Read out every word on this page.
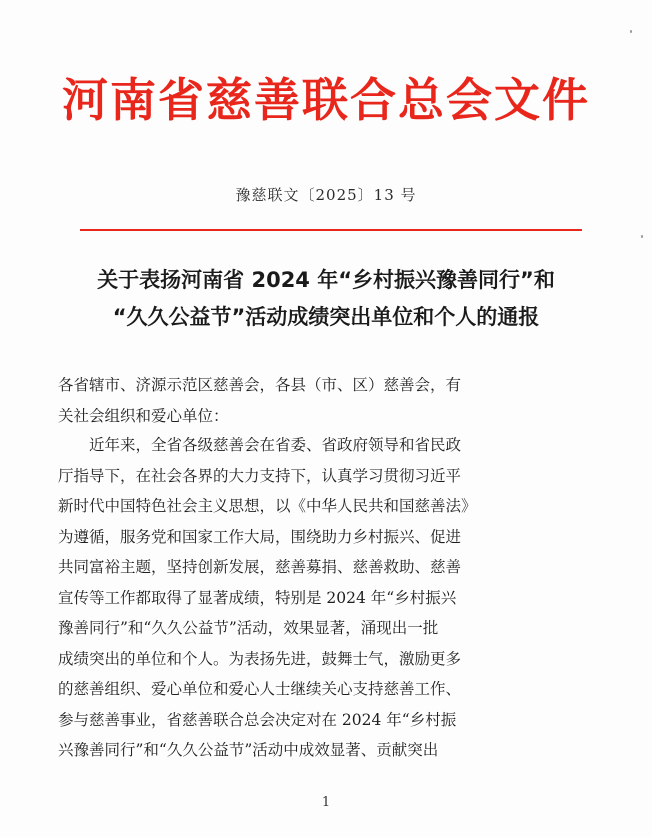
河南省慈善联合总会文件
豫慈联文〔2025〕13 号
关于表扬河南省 2024 年“乡村振兴豫善同行”和
“久久公益节”活动成绩突出单位和个人的通报
各省辖市、济源示范区慈善会，各县（市、区）慈善会，有
关社会组织和爱心单位：
近年来，全省各级慈善会在省委、省政府领导和省民政
厅指导下，在社会各界的大力支持下，认真学习贯彻习近平
新时代中国特色社会主义思想，以《中华人民共和国慈善法》
为遵循，服务党和国家工作大局，围绕助力乡村振兴、促进
共同富裕主题，坚持创新发展，慈善募捐、慈善救助、慈善
宣传等工作都取得了显著成绩，特别是 2024 年“乡村振兴
豫善同行”和“久久公益节”活动，效果显著，涌现出一批
成绩突出的单位和个人。为表扬先进，鼓舞士气，激励更多
的慈善组织、爱心单位和爱心人士继续关心支持慈善工作、
参与慈善事业，省慈善联合总会决定对在 2024 年“乡村振
兴豫善同行”和“久久公益节”活动中成效显著、贡献突出
1
